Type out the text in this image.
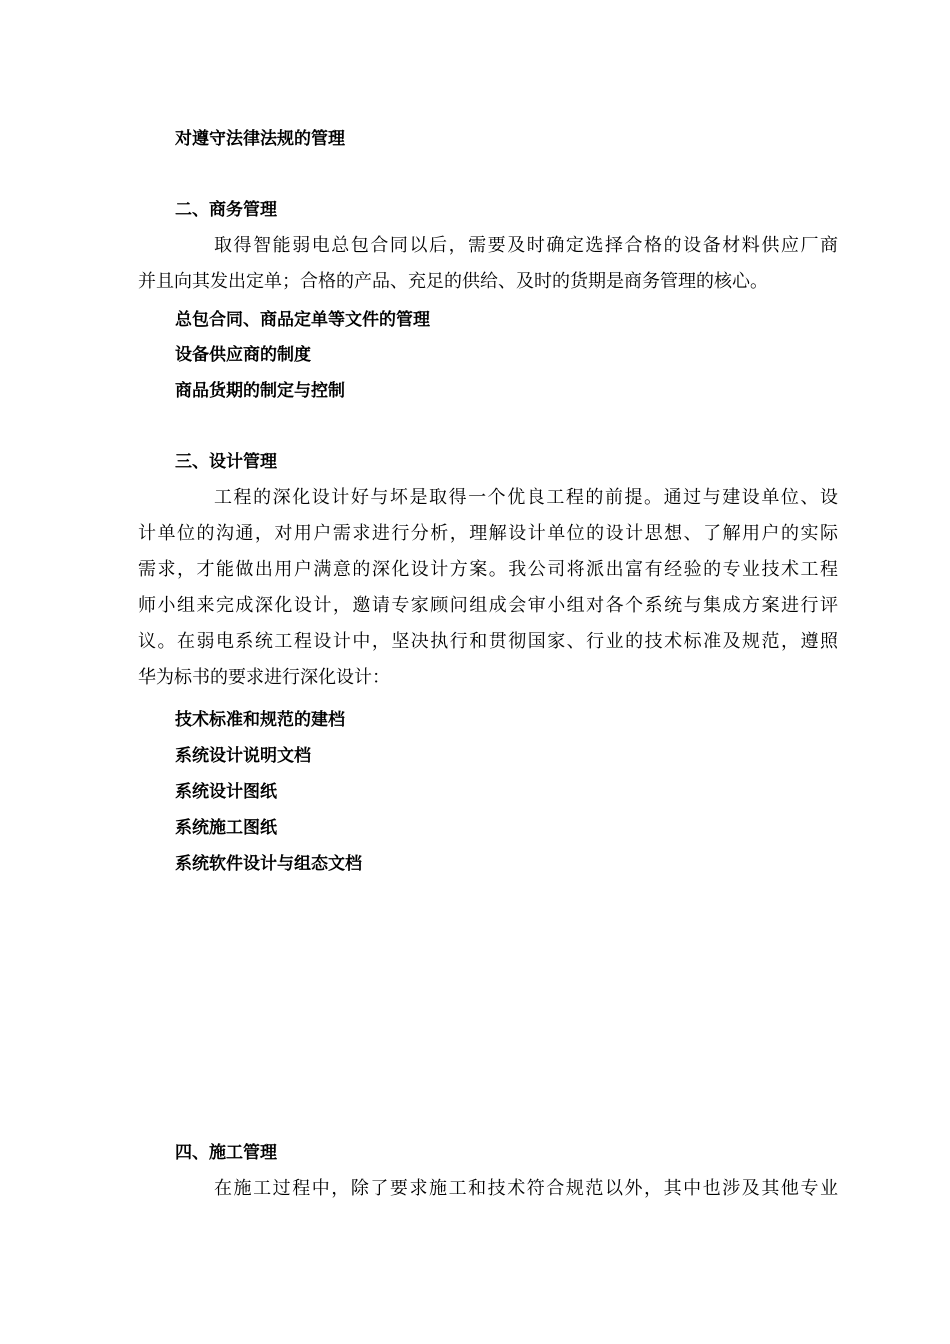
对遵守法律法规的管理
二、商务管理
取得智能弱电总包合同以后，需要及时确定选择合格的设备材料供应厂商
并且向其发出定单；合格的产品、充足的供给、及时的货期是商务管理的核心。
总包合同、商品定单等文件的管理
设备供应商的制度
商品货期的制定与控制
三、设计管理
工程的深化设计好与坏是取得一个优良工程的前提。通过与建设单位、设
计单位的沟通，对用户需求进行分析，理解设计单位的设计思想、了解用户的实际
需求，才能做出用户满意的深化设计方案。我公司将派出富有经验的专业技术工程
师小组来完成深化设计，邀请专家顾问组成会审小组对各个系统与集成方案进行评
议。在弱电系统工程设计中，坚决执行和贯彻国家、行业的技术标准及规范，遵照
华为标书的要求进行深化设计：
技术标准和规范的建档
系统设计说明文档
系统设计图纸
系统施工图纸
系统软件设计与组态文档
四、施工管理
在施工过程中，除了要求施工和技术符合规范以外，其中也涉及其他专业
